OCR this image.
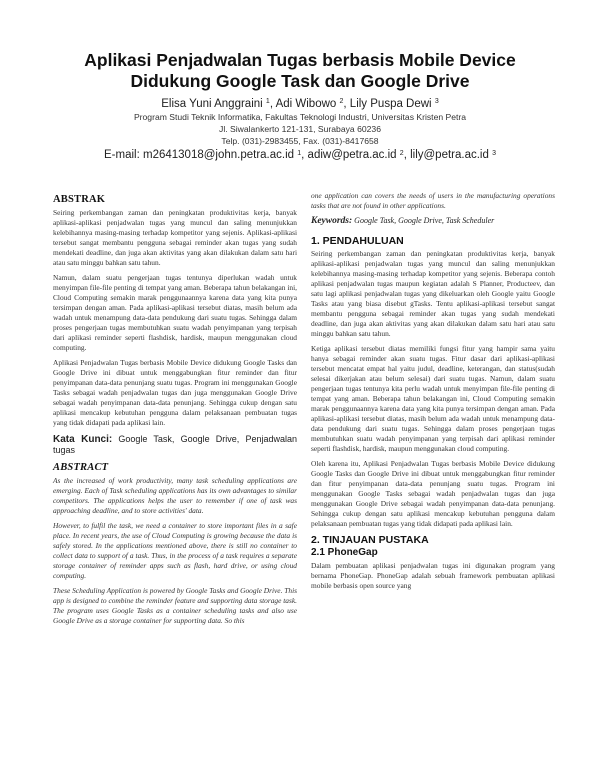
Aplikasi Penjadwalan Tugas berbasis Mobile Device
Didukung Google Task dan Google Drive
Elisa Yuni Anggraini $^1$, Adi Wibowo $^2$, Lily Puspa Dewi $^3$
Program Studi Teknik Informatika, Fakultas Teknologi Industri, Universitas Kristen Petra
Jl. Siwalankerto 121-131, Surabaya 60236
Telp. (031)-2983455, Fax. (031)-8417658
E-mail: m26413018@john.petra.ac.id $^1$, adiw@petra.ac.id $^2$, lily@petra.ac.id $^3$
ABSTRAK

Seiring perkembangan zaman dan peningkatan produktivitas kerja, banyak aplikasi-aplikasi penjadwalan tugas yang muncul dan saling menunjukkan kelebihannya masing-masing terhadap kompetitor yang sejenis. Aplikasi-aplikasi tersebut sangat membantu pengguna sebagai reminder akan tugas yang sudah mendekati deadline, dan juga akan aktivitas yang akan dilakukan dalam satu hari atau satu minggu bahkan satu tahun.

Namun, dalam suatu pengerjaan tugas tentunya diperlukan wadah untuk menyimpan file-file penting di tempat yang aman. Beberapa tahun belakangan ini, Cloud Computing semakin marak penggunaannya karena data yang kita punya tersimpan dengan aman. Pada aplikasi-aplikasi tersebut diatas, masih belum ada wadah untuk menampung data-data pendukung dari suatu tugas. Sehingga dalam proses pengerjaan tugas membutuhkan suatu wadah penyimpanan yang terpisah dari aplikasi reminder seperti flashdisk, hardisk, maupun menggunakan cloud computing.

Aplikasi Penjadwalan Tugas berbasis Mobile Device didukung Google Tasks dan Google Drive ini dibuat untuk menggabungkan fitur reminder dan fitur penyimpanan data-data penunjang suatu tugas. Program ini menggunakan Google Tasks sebagai wadah penjadwalan tugas dan juga menggunakan Google Drive sebagai wadah penyimpanan data-data penunjang. Sehingga cukup dengan satu aplikasi mencakup kebutuhan pengguna dalam pelaksanaan pembuatan tugas yang tidak didapati pada aplikasi lain.

Kata Kunci: Google Task, Google Drive, Penjadwalan tugas
ABSTRACT

As the increased of work productivity, many task scheduling applications are emerging. Each of Task scheduling applications has its own advantages to similar competitors. The applications helps the user to remember if one of task was approaching deadline, and to store activities' data.

However, to fulfil the task, we need a container to store important files in a safe place. In recent years, the use of Cloud Computing is growing because the data is safely stored. In the applications mentioned above, there is still no container to collect data to support of a task. Thus, in the process of a task requires a separate storage container of reminder apps such as flash, hard drive, or using cloud computing.

These Scheduling Application is powered by Google Tasks and Google Drive. This app is designed to combine the reminder feature and supporting data storage task. The program uses Google Tasks as a container scheduling tasks and also use Google Drive as a storage container for supporting data. So this

one application can covers the needs of users in the manufacturing operations tasks that are not found in other applications.

Keywords: Google Task, Google Drive, Task Scheduler
1. PENDAHULUAN

Seiring perkembangan zaman dan peningkatan produktivitas kerja, banyak aplikasi-aplikasi penjadwalan tugas yang muncul dan saling menunjukkan kelebihannya masing-masing terhadap kompetitor yang sejenis. Beberapa contoh aplikasi penjadwalan tugas maupun kegiatan adalah S Planner, Producteev, dan satu lagi aplikasi penjadwalan tugas yang dikeluarkan oleh Google yaitu Google Tasks atau yang biasa disebut gTasks. Tentu aplikasi-aplikasi tersebut sangat membantu pengguna sebagai reminder akan tugas yang sudah mendekati deadline, dan juga akan aktivitas yang akan dilakukan dalam satu hari atau satu minggu bahkan satu tahun.

Ketiga aplikasi tersebut diatas memiliki fungsi fitur yang hampir sama yaitu hanya sebagai reminder akan suatu tugas. Fitur dasar dari aplikasi-aplikasi tersebut mencatat empat hal yaitu judul, deadline, keterangan, dan status(sudah selesai dikerjakan atau belum selesai) dari suatu tugas. Namun, dalam suatu pengerjaan tugas tentunya kita perlu wadah untuk menyimpan file-file penting di tempat yang aman. Beberapa tahun belakangan ini, Cloud Computing semakin marak penggunaannya karena data yang kita punya tersimpan dengan aman. Pada aplikasi-aplikasi tersebut diatas, masih belum ada wadah untuk menampung data-data pendukung dari suatu tugas. Sehingga dalam proses pengerjaan tugas membutuhkan suatu wadah penyimpanan yang terpisah dari aplikasi reminder seperti flashdisk, hardisk, maupun menggunakan cloud computing.

Oleh karena itu, Aplikasi Penjadwalan Tugas berbasis Mobile Device didukung Google Tasks dan Google Drive ini dibuat untuk menggabungkan fitur reminder dan fitur penyimpanan data-data penunjang suatu tugas. Program ini menggunakan Google Tasks sebagai wadah penjadwalan tugas dan juga menggunakan Google Drive sebagai wadah penyimpanan data-data penunjang. Sehingga cukup dengan satu aplikasi mencakup kebutuhan pengguna dalam pelaksanaan pembuatan tugas yang tidak didapati pada aplikasi lain.

2. TINJAUAN PUSTAKA
2.1 PhoneGap

Dalam pembuatan aplikasi penjadwalan tugas ini digunakan program yang bernama PhoneGap. PhoneGap adalah sebuah framework pembuatan aplikasi mobile berbasis open source yang
